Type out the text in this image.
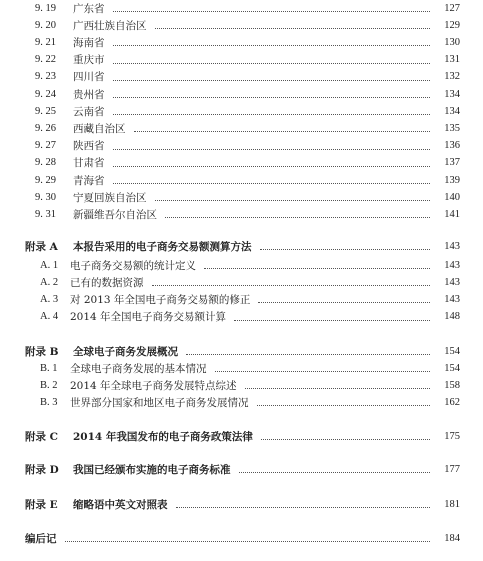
9. 19	广东省	127
9. 20	广西壮族自治区	129
9. 21	海南省	130
9. 22	重庆市	131
9. 23	四川省	132
9. 24	贵州省	134
9. 25	云南省	134
9. 26	西藏自治区	135
9. 27	陕西省	136
9. 28	甘肃省	137
9. 29	青海省	139
9. 30	宁夏回族自治区	140
9. 31	新疆维吾尔自治区	141
附录 A	本报告采用的电子商务交易额测算方法	143
A. 1	电子商务交易额的统计定义	143
A. 2	已有的数据资源	143
A. 3	对 2013 年全国电子商务交易额的修正	143
A. 4	2014 年全国电子商务交易额计算	148
附录 B	全球电子商务发展概况	154
B. 1	全球电子商务发展的基本情况	154
B. 2	2014 年全球电子商务发展特点综述	158
B. 3	世界部分国家和地区电子商务发展情况	162
附录 C	2014 年我国发布的电子商务政策法律	175
附录 D	我国已经颁布实施的电子商务标准	177
附录 E	缩略语中英文对照表	181
编后记	184
